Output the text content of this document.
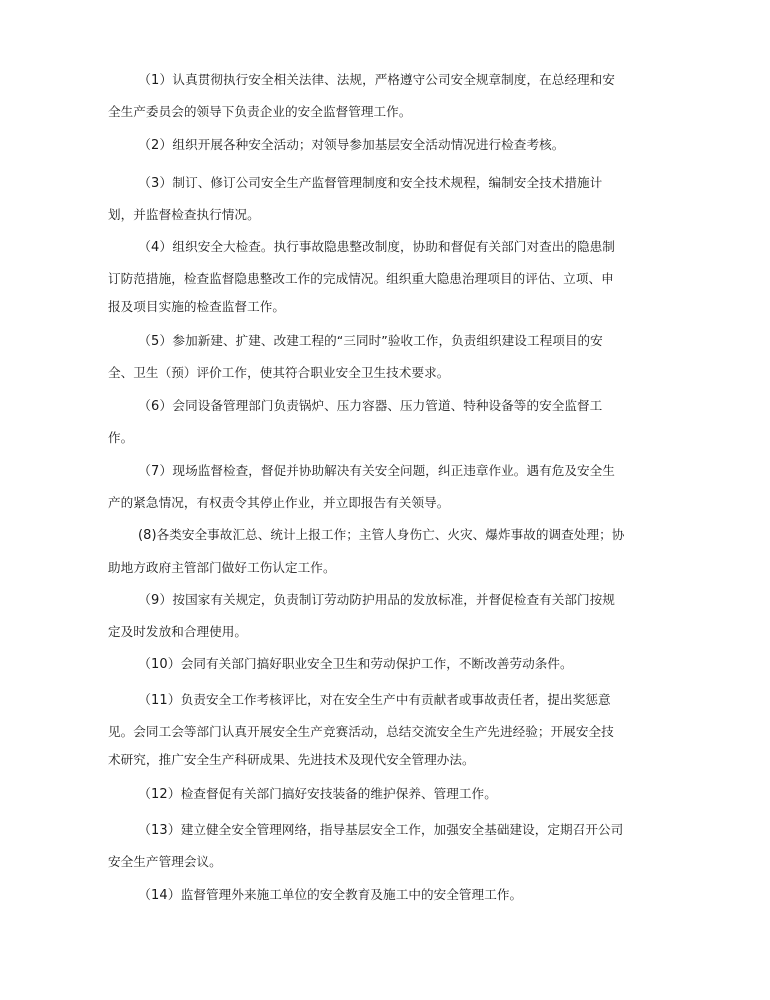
（1）认真贯彻执行安全相关法律、法规，严格遵守公司安全规章制度，在总经理和安
全生产委员会的领导下负责企业的安全监督管理工作。
（2）组织开展各种安全活动；对领导参加基层安全活动情况进行检查考核。
（3）制订、修订公司安全生产监督管理制度和安全技术规程，编制安全技术措施计
划，并监督检查执行情况。
（4）组织安全大检查。执行事故隐患整改制度，协助和督促有关部门对查出的隐患制
订防范措施，检查监督隐患整改工作的完成情况。组织重大隐患治理项目的评估、立项、申
报及项目实施的检查监督工作。
（5）参加新建、扩建、改建工程的“三同时”验收工作，负责组织建设工程项目的安
全、卫生（预）评价工作，使其符合职业安全卫生技术要求。
（6）会同设备管理部门负责锅炉、压力容器、压力管道、特种设备等的安全监督工
作。
（7）现场监督检查，督促并协助解决有关安全问题，纠正违章作业。遇有危及安全生
产的紧急情况，有权责令其停止作业，并立即报告有关领导。
(8)各类安全事故汇总、统计上报工作；主管人身伤亡、火灾、爆炸事故的调查处理；协
助地方政府主管部门做好工伤认定工作。
（9）按国家有关规定，负责制订劳动防护用品的发放标准，并督促检查有关部门按规
定及时发放和合理使用。
（10）会同有关部门搞好职业安全卫生和劳动保护工作，不断改善劳动条件。
（11）负责安全工作考核评比，对在安全生产中有贡献者或事故责任者，提出奖惩意
见。会同工会等部门认真开展安全生产竞赛活动，总结交流安全生产先进经验；开展安全技
术研究，推广安全生产科研成果、先进技术及现代安全管理办法。
（12）检查督促有关部门搞好安技装备的维护保养、管理工作。
（13）建立健全安全管理网络，指导基层安全工作，加强安全基础建设，定期召开公司
安全生产管理会议。
（14）监督管理外来施工单位的安全教育及施工中的安全管理工作。
